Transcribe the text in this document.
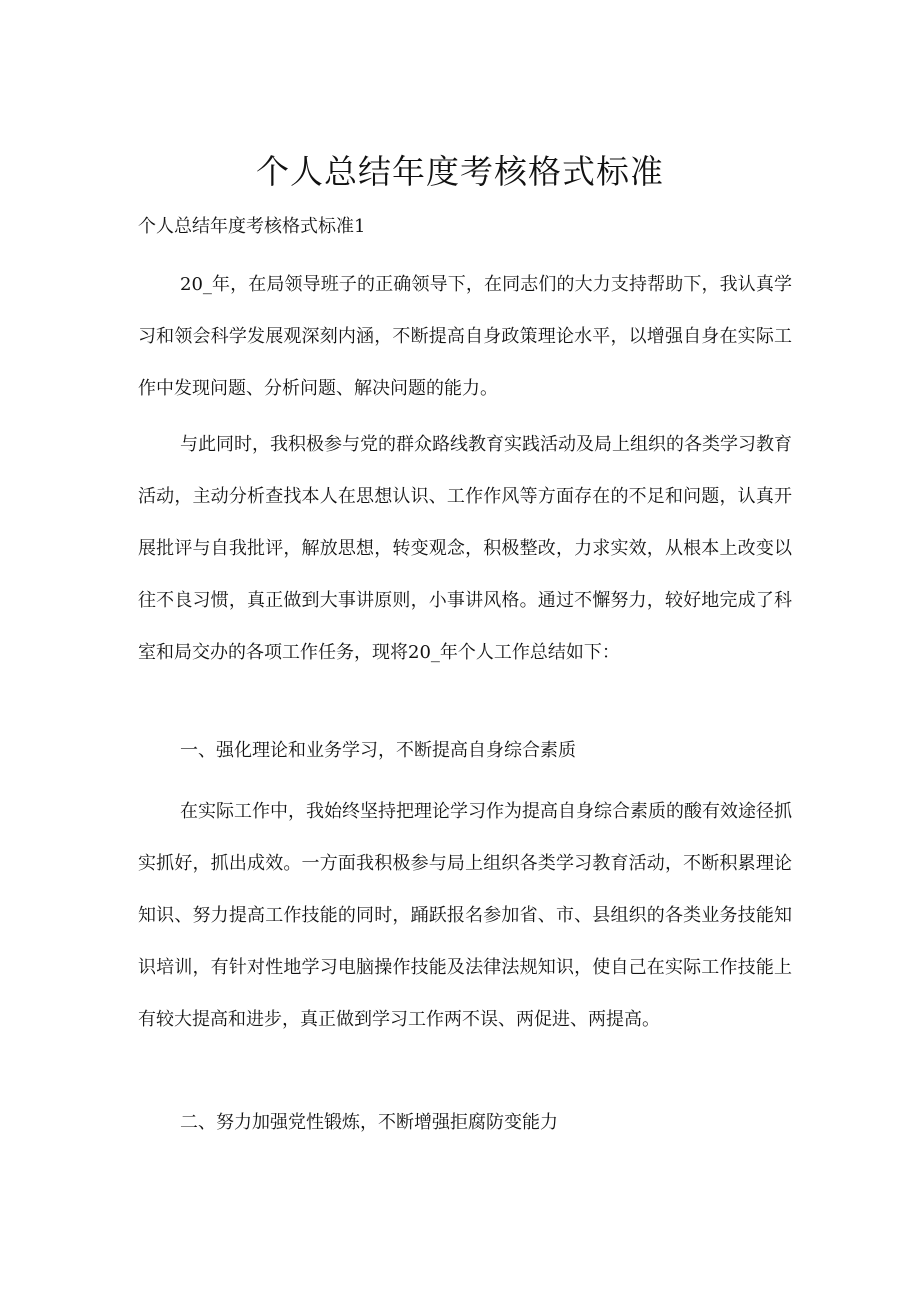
个人总结年度考核格式标准

个人总结年度考核格式标准1

20_年，在局领导班子的正确领导下，在同志们的大力支持帮助下，我认真学习和领会科学发展观深刻内涵，不断提高自身政策理论水平，以增强自身在实际工作中发现问题、分析问题、解决问题的能力。

与此同时，我积极参与党的群众路线教育实践活动及局上组织的各类学习教育活动，主动分析查找本人在思想认识、工作作风等方面存在的不足和问题，认真开展批评与自我批评，解放思想，转变观念，积极整改，力求实效，从根本上改变以往不良习惯，真正做到大事讲原则，小事讲风格。通过不懈努力，较好地完成了科室和局交办的各项工作任务，现将20_年个人工作总结如下：

一、强化理论和业务学习，不断提高自身综合素质

在实际工作中，我始终坚持把理论学习作为提高自身综合素质的酸有效途径抓实抓好，抓出成效。一方面我积极参与局上组织各类学习教育活动，不断积累理论知识、努力提高工作技能的同时，踊跃报名参加省、市、县组织的各类业务技能知识培训，有针对性地学习电脑操作技能及法律法规知识，使自己在实际工作技能上有较大提高和进步，真正做到学习工作两不误、两促进、两提高。

二、努力加强党性锻炼，不断增强拒腐防变能力
